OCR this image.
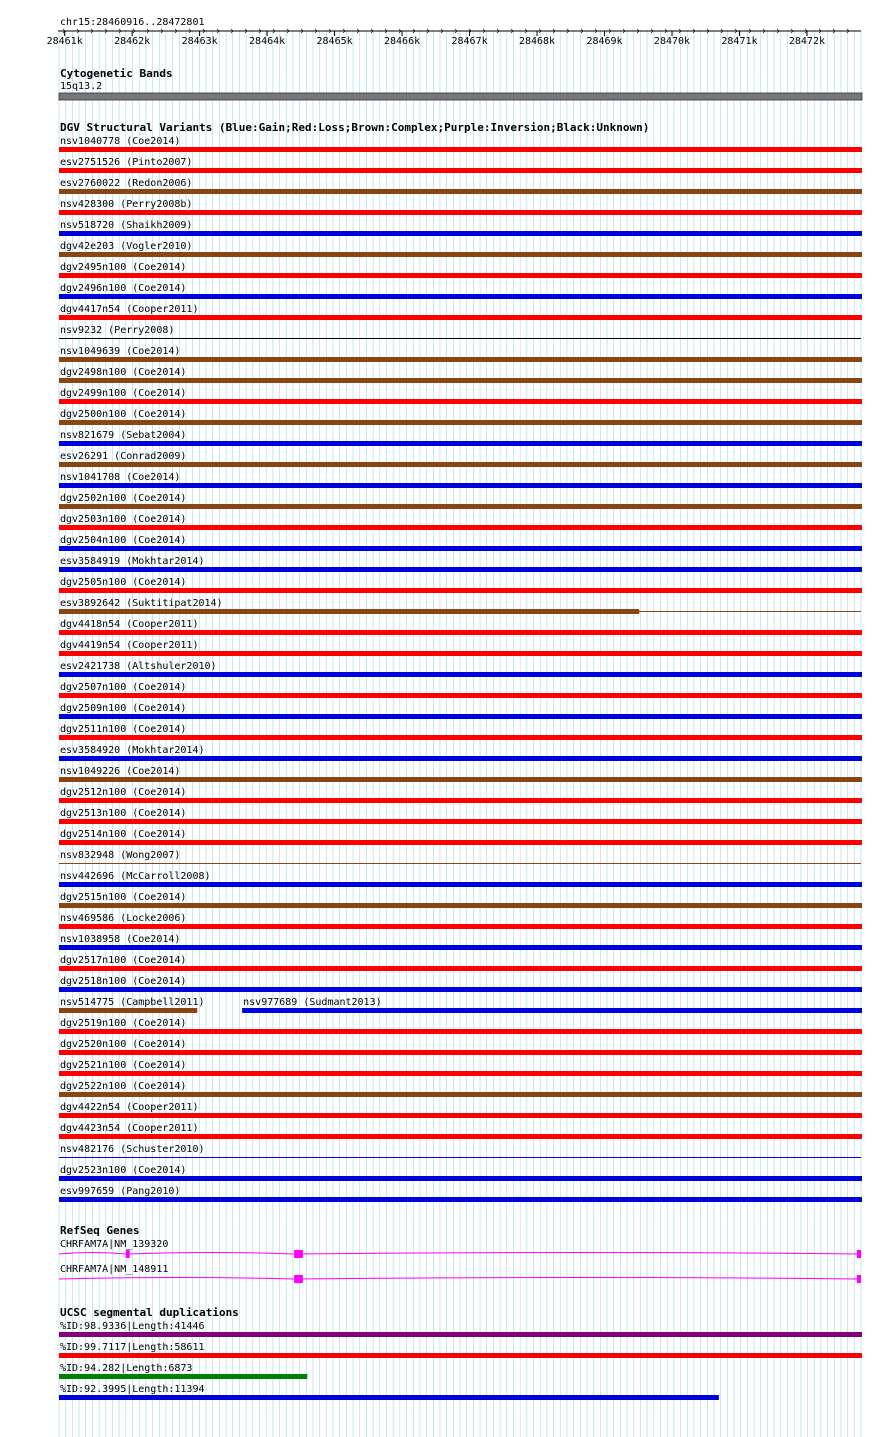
chr15:28460916..28472801
28461k	28462k	28463k	28464k	28465k	28466k	28467k	28468k	28469k	28470k	28471k	28472k
Cytogenetic Bands
15q13.2
DGV Structural Variants (Blue:Gain;Red:Loss;Brown:Complex;Purple:Inversion;Black:Unknown)
nsv1040778 (Coe2014)
esv2751526 (Pinto2007)
esv2760022 (Redon2006)
nsv428300 (Perry2008b)
nsv518720 (Shaikh2009)
dgv42e203 (Vogler2010)
dgv2495n100 (Coe2014)
dgv2496n100 (Coe2014)
dgv4417n54 (Cooper2011)
nsv9232 (Perry2008)
nsv1049639 (Coe2014)
dgv2498n100 (Coe2014)
dgv2499n100 (Coe2014)
dgv2500n100 (Coe2014)
nsv821679 (Sebat2004)
esv26291 (Conrad2009)
nsv1041708 (Coe2014)
dgv2502n100 (Coe2014)
dgv2503n100 (Coe2014)
dgv2504n100 (Coe2014)
esv3584919 (Mokhtar2014)
dgv2505n100 (Coe2014)
esv3892642 (Suktitipat2014)
dgv4418n54 (Cooper2011)
dgv4419n54 (Cooper2011)
esv2421738 (Altshuler2010)
dgv2507n100 (Coe2014)
dgv2509n100 (Coe2014)
dgv2511n100 (Coe2014)
esv3584920 (Mokhtar2014)
nsv1049226 (Coe2014)
dgv2512n100 (Coe2014)
dgv2513n100 (Coe2014)
dgv2514n100 (Coe2014)
nsv832948 (Wong2007)
nsv442696 (McCarroll2008)
dgv2515n100 (Coe2014)
nsv469586 (Locke2006)
nsv1038958 (Coe2014)
dgv2517n100 (Coe2014)
dgv2518n100 (Coe2014)
nsv514775 (Campbell2011)	nsv977689 (Sudmant2013)
dgv2519n100 (Coe2014)
dgv2520n100 (Coe2014)
dgv2521n100 (Coe2014)
dgv2522n100 (Coe2014)
dgv4422n54 (Cooper2011)
dgv4423n54 (Cooper2011)
nsv482176 (Schuster2010)
dgv2523n100 (Coe2014)
esv997659 (Pang2010)
RefSeq Genes
CHRFAM7A|NM_139320
CHRFAM7A|NM_148911
UCSC segmental duplications
%ID:98.9336|Length:41446
%ID:99.7117|Length:58611
%ID:94.282|Length:6873
%ID:92.3995|Length:11394
